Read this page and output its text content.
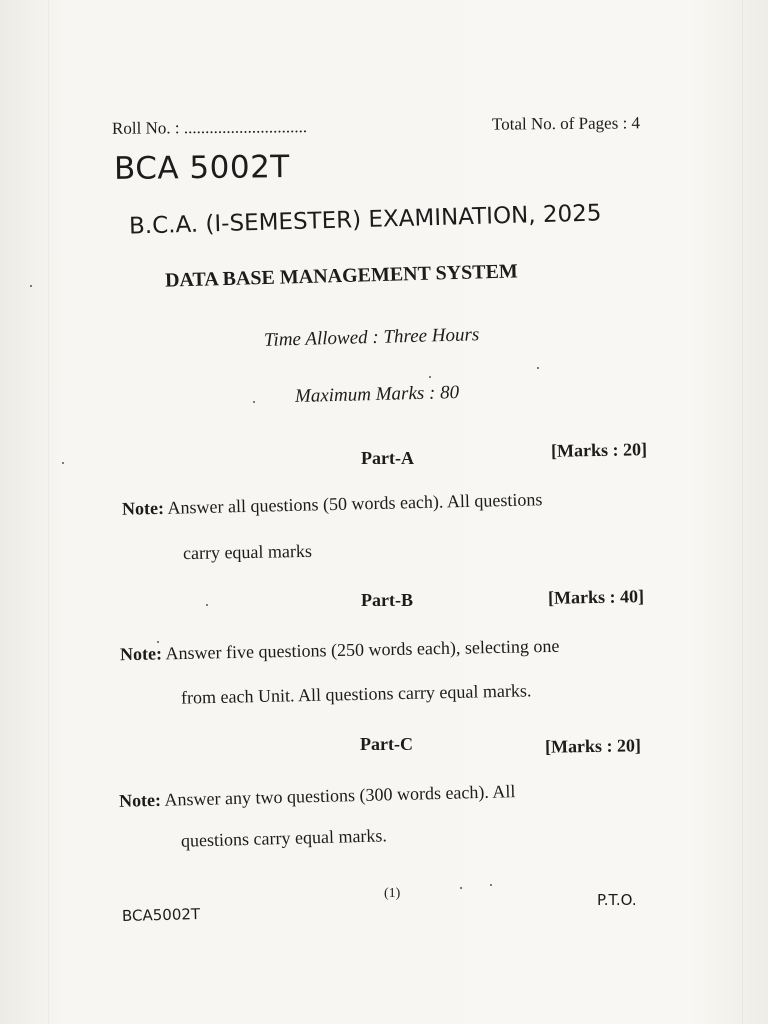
Roll No. : .............................	Total No. of Pages : 4
BCA 5002T
B.C.A. (I-SEMESTER) EXAMINATION, 2025
DATA BASE MANAGEMENT SYSTEM
Time Allowed : Three Hours
Maximum Marks : 80
Part-A	[Marks : 20]
Note: Answer all questions (50 words each). All questions
carry equal marks
Part-B	[Marks : 40]
Note: Answer five questions (250 words each), selecting one
from each Unit. All questions carry equal marks.
Part-C	[Marks : 20]
Note: Answer any two questions (300 words each). All
questions carry equal marks.
(1)
BCA5002T
P.T.O.
